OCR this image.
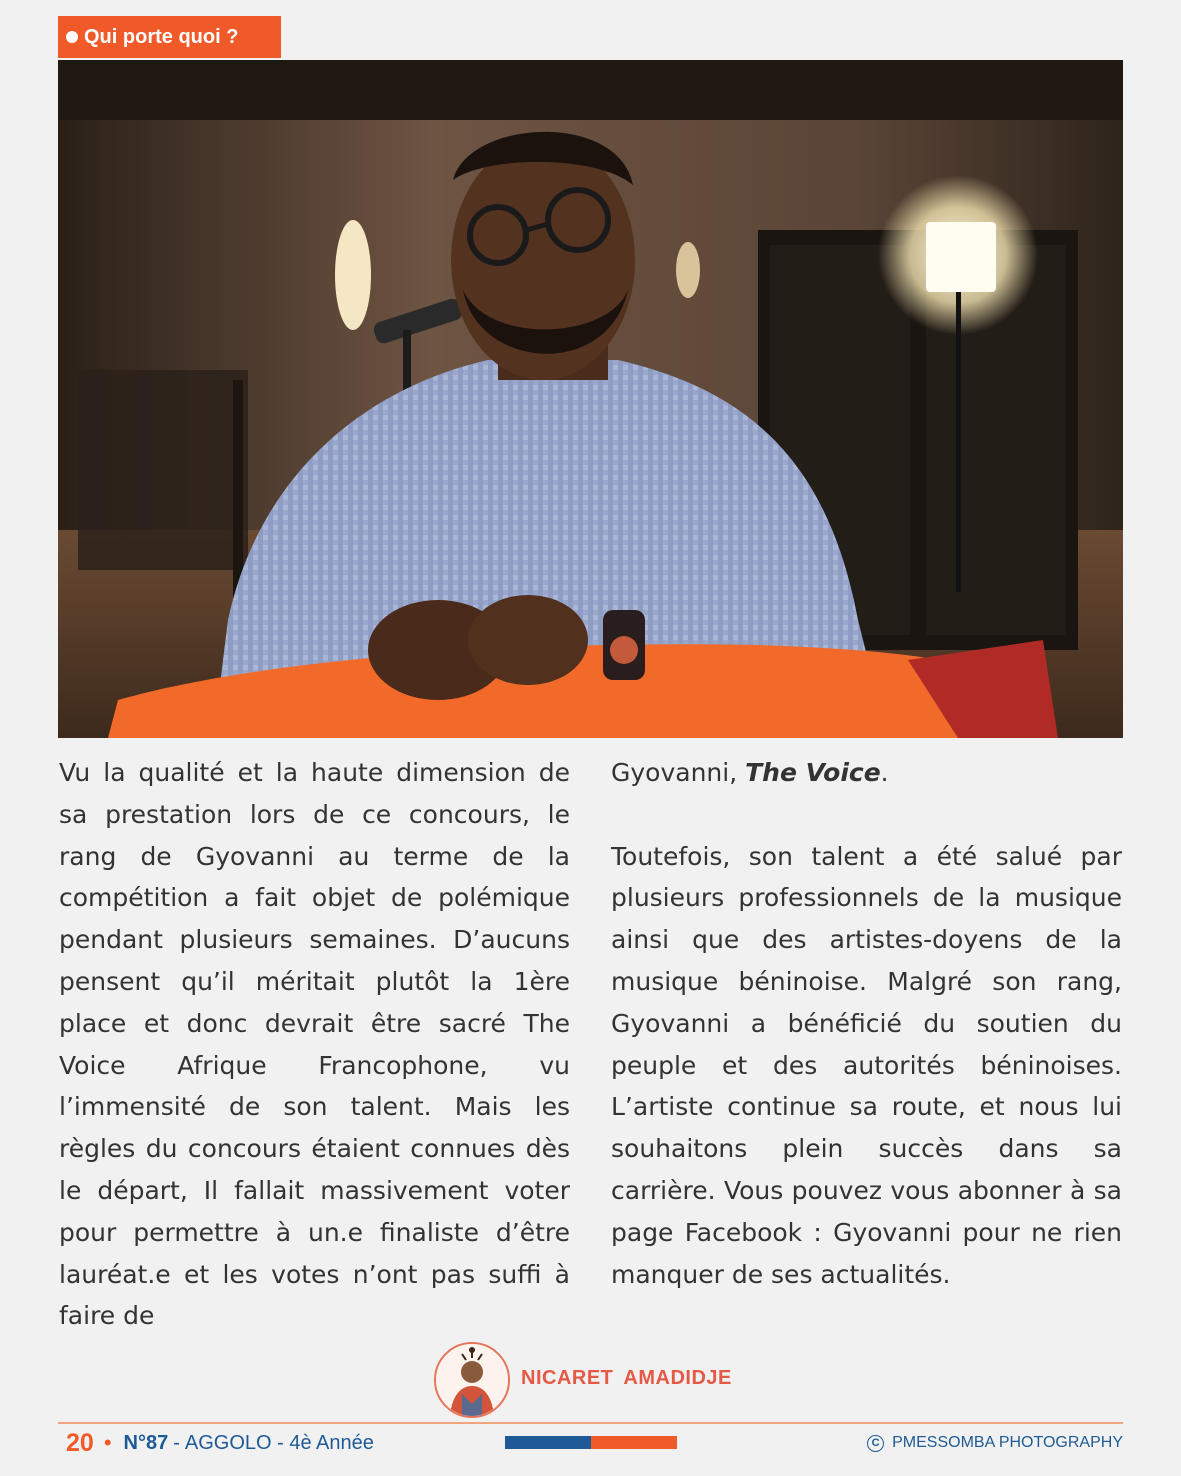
Qui porte quoi ?

Vu la qualité et la haute dimension de sa prestation lors de ce concours, le rang de Gyovanni au terme de la compétition a fait objet de polémique pendant plusieurs semaines. D’aucuns pensent qu’il méritait plutôt la 1ère place et donc devrait être sacré The Voice Afrique Francophone, vu l’immensité de son talent. Mais les règles du concours étaient connues dès le départ, Il fallait massivement voter pour permettre à un.e finaliste d’être lauréat.e et les votes n’ont pas suffi à faire de

Gyovanni, The Voice.

Toutefois, son talent a été salué par plusieurs professionnels de la musique ainsi que des artistes-doyens de la musique béninoise. Malgré son rang, Gyovanni a bénéficié du soutien du peuple et des autorités béninoises. L’artiste continue sa route, et nous lui souhaitons plein succès dans sa carrière. Vous pouvez vous abonner à sa page Facebook : Gyovanni pour ne rien manquer de ses actualités.

NICARET AMADIDJE
20 • N°87 - AGGOLO - 4è Année	C PMESSOMBA PHOTOGRAPHY
